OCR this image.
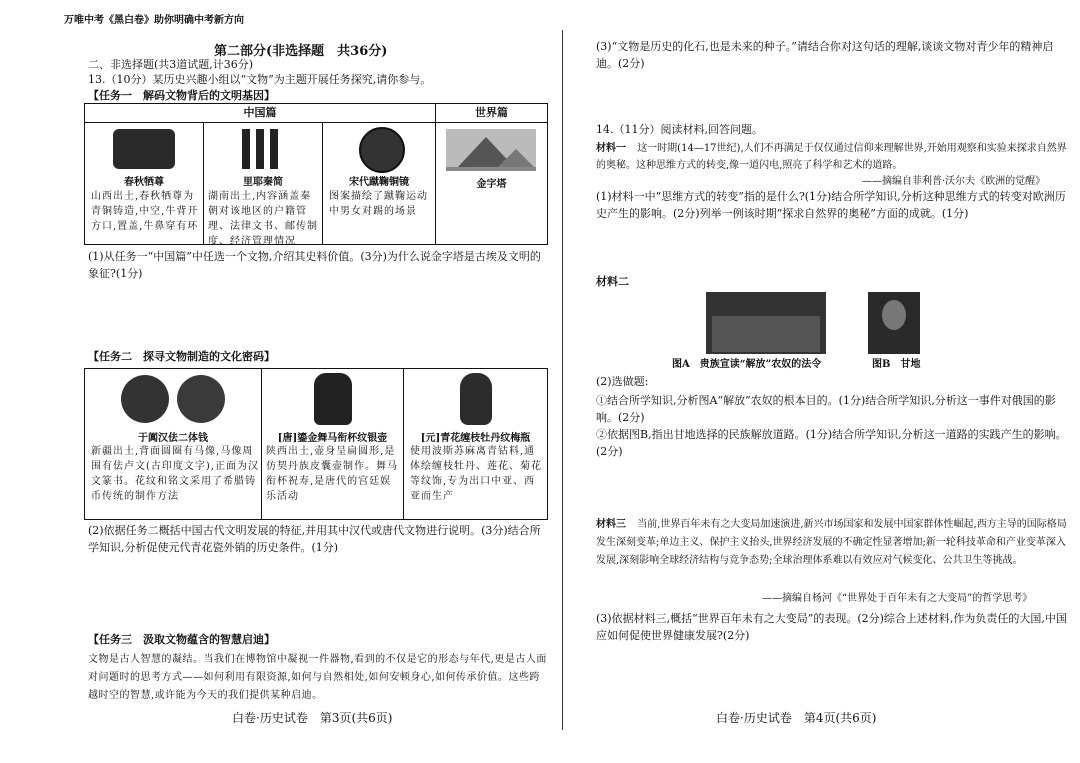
万唯中考《黑白卷》助你明确中考新方向
第二部分(非选择题　共36分)
二、非选择题(共3道试题,计36分)
13.（10分）某历史兴趣小组以“文物”为主题开展任务探究,请你参与。
【任务一　解码文物背后的文明基因】
中国篇	世界篇
春秋牺尊
山西出土,春秋牺尊为青铜铸造,中空,牛背开方口,置盖,牛鼻穿有环
里耶秦简
湖南出土,内容涵盖秦朝对该地区的户籍管理、法律文书、邮传制度、经济管理情况
宋代蹴鞠铜镜
图案描绘了蹴鞠运动中男女对踢的场景
金字塔
(1)从任务一“中国篇”中任选一个文物,介绍其史料价值。(3分)为什么说金字塔是古埃及文明的象征?(1分)
【任务二　探寻文物制造的文化密码】
于阗汉佉二体钱
新疆出土,背面圆圈有马像,马像周围有佉卢文(古印度文字),正面为汉文篆书。花纹和铭文采用了希腊铸币传统的制作方法
[唐]鎏金舞马衔杯纹银壶
陕西出土,壶身呈扁圆形,是仿契丹族皮囊壶制作。舞马衔杯祝寿,是唐代的宫廷娱乐活动
[元]青花缠枝牡丹纹梅瓶
使用波斯苏麻离青钴料,通体绘缠枝牡丹、莲花、菊花等纹饰,专为出口中亚、西亚而生产
(2)依据任务二概括中国古代文明发展的特征,并用其中汉代或唐代文物进行说明。(3分)结合所学知识,分析促使元代青花瓷外销的历史条件。(1分)
【任务三　汲取文物蕴含的智慧启迪】
文物是古人智慧的凝结。当我们在博物馆中凝视一件器物,看到的不仅是它的形态与年代,更是古人面对问题时的思考方式——如何利用有限资源,如何与自然相处,如何安顿身心,如何传承价值。这些跨越时空的智慧,或许能为今天的我们提供某种启迪。
白卷·历史试卷　第3页(共6页)
(3)“文物是历史的化石,也是未来的种子。”请结合你对这句话的理解,谈谈文物对青少年的精神启迪。(2分)
14.（11分）阅读材料,回答问题。
材料一 这一时期(14—17世纪),人们不再满足于仅仅通过信仰来理解世界,开始用观察和实验来探求自然界的奥秘。这种思维方式的转变,像一道闪电,照亮了科学和艺术的道路。
——摘编自菲利普·沃尔夫《欧洲的觉醒》
(1)材料一中“思维方式的转变”指的是什么?(1分)结合所学知识,分析这种思维方式的转变对欧洲历史产生的影响。(2分)列举一例该时期“探求自然界的奥秘”方面的成就。(1分)
材料二
图A　贵族宣读“解放”农奴的法令	图B　甘地
(2)选做题:
①结合所学知识,分析图A“解放”农奴的根本目的。(1分)结合所学知识,分析这一事件对俄国的影响。(2分)
②依据图B,指出甘地选择的民族解放道路。(1分)结合所学知识,分析这一道路的实践产生的影响。(2分)
材料三 当前,世界百年未有之大变局加速演进,新兴市场国家和发展中国家群体性崛起,西方主导的国际格局发生深刻变革;单边主义、保护主义抬头,世界经济发展的不确定性显著增加;新一轮科技革命和产业变革深入发展,深刻影响全球经济结构与竞争态势;全球治理体系难以有效应对气候变化、公共卫生等挑战。
——摘编自杨河《“世界处于百年未有之大变局”的哲学思考》
(3)依据材料三,概括“世界百年未有之大变局”的表现。(2分)综合上述材料,作为负责任的大国,中国应如何促使世界健康发展?(2分)
白卷·历史试卷　第4页(共6页)
